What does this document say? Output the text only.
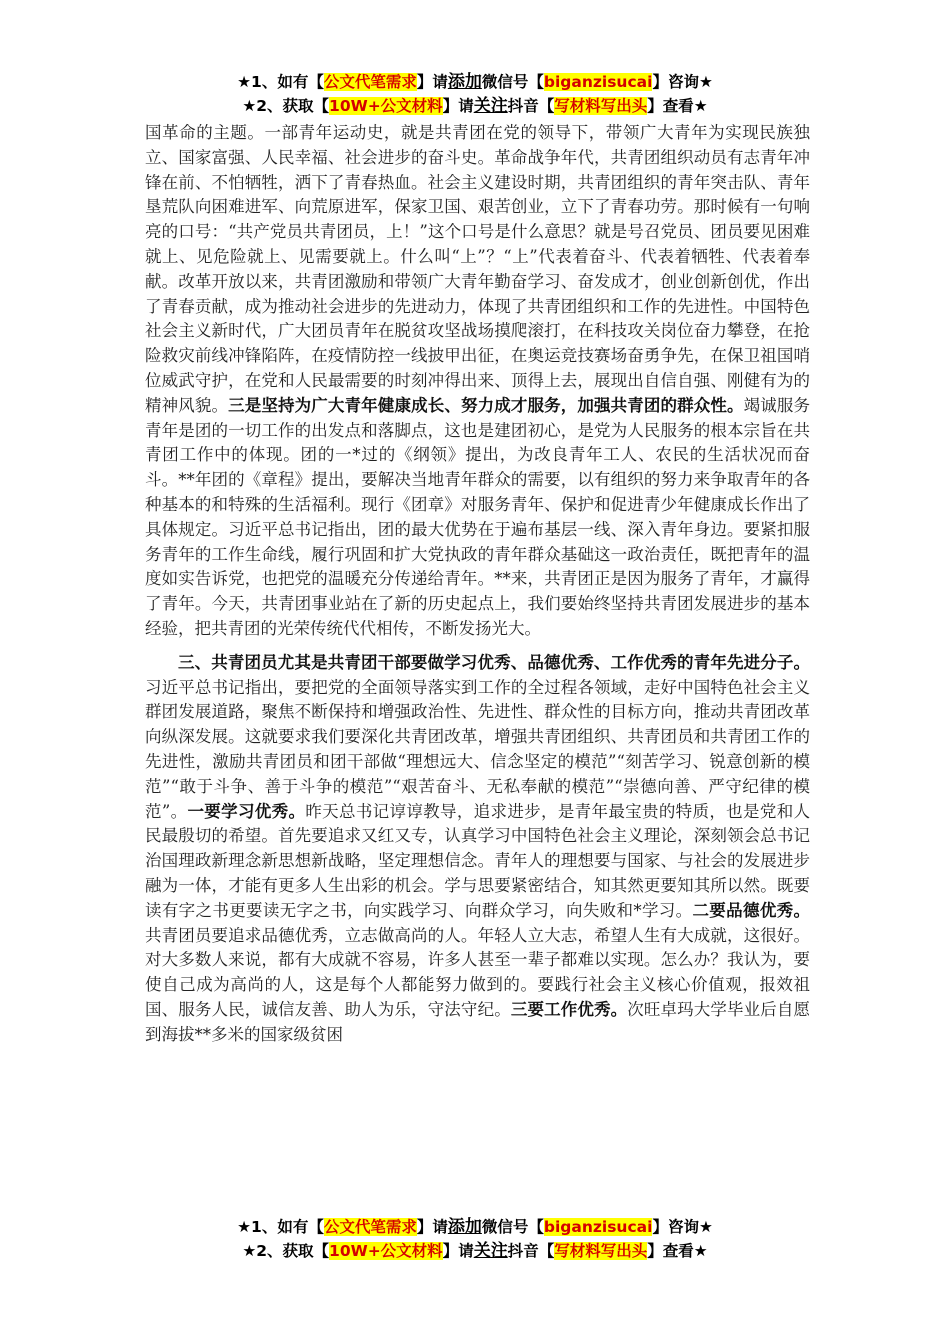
★1、如有【公文代笔需求】请添加微信号【biganzisucai】咨询★
★2、获取【10W+公文材料】请关注抖音【写材料写出头】查看★

国革命的主题。一部青年运动史，就是共青团在党的领导下，带领广大青年为实现民族独立、国家富强、人民幸福、社会进步的奋斗史。革命战争年代，共青团组织动员有志青年冲锋在前、不怕牺牲，洒下了青春热血。社会主义建设时期，共青团组织的青年突击队、青年垦荒队向困难进军、向荒原进军，保家卫国、艰苦创业，立下了青春功劳。那时候有一句响亮的口号：“共产党员共青团员，上！”这个口号是什么意思？就是号召党员、团员要见困难就上、见危险就上、见需要就上。什么叫“上”？“上”代表着奋斗、代表着牺牲、代表着奉献。改革开放以来，共青团激励和带领广大青年勤奋学习、奋发成才，创业创新创优，作出了青春贡献，成为推动社会进步的先进动力，体现了共青团组织和工作的先进性。中国特色社会主义新时代，广大团员青年在脱贫攻坚战场摸爬滚打，在科技攻关岗位奋力攀登，在抢险救灾前线冲锋陷阵，在疫情防控一线披甲出征，在奥运竞技赛场奋勇争先，在保卫祖国哨位威武守护，在党和人民最需要的时刻冲得出来、顶得上去，展现出自信自强、刚健有为的精神风貌。三是坚持为广大青年健康成长、努力成才服务，加强共青团的群众性。竭诚服务青年是团的一切工作的出发点和落脚点，这也是建团初心，是党为人民服务的根本宗旨在共青团工作中的体现。团的一*过的《纲领》提出，为改良青年工人、农民的生活状况而奋斗。**年团的《章程》提出，要解决当地青年群众的需要，以有组织的努力来争取青年的各种基本的和特殊的生活福利。现行《团章》对服务青年、保护和促进青少年健康成长作出了具体规定。习近平总书记指出，团的最大优势在于遍布基层一线、深入青年身边。要紧扣服务青年的工作生命线，履行巩固和扩大党执政的青年群众基础这一政治责任，既把青年的温度如实告诉党，也把党的温暖充分传递给青年。**来，共青团正是因为服务了青年，才赢得了青年。今天，共青团事业站在了新的历史起点上，我们要始终坚持共青团发展进步的基本经验，把共青团的光荣传统代代相传，不断发扬光大。

三、共青团员尤其是共青团干部要做学习优秀、品德优秀、工作优秀的青年先进分子。习近平总书记指出，要把党的全面领导落实到工作的全过程各领域，走好中国特色社会主义群团发展道路，聚焦不断保持和增强政治性、先进性、群众性的目标方向，推动共青团改革向纵深发展。这就要求我们要深化共青团改革，增强共青团组织、共青团员和共青团工作的先进性，激励共青团员和团干部做“理想远大、信念坚定的模范”“刻苦学习、锐意创新的模范”“敢于斗争、善于斗争的模范”“艰苦奋斗、无私奉献的模范”“崇德向善、严守纪律的模范”。一要学习优秀。昨天总书记谆谆教导，追求进步，是青年最宝贵的特质，也是党和人民最殷切的希望。首先要追求又红又专，认真学习中国特色社会主义理论，深刻领会总书记治国理政新理念新思想新战略，坚定理想信念。青年人的理想要与国家、与社会的发展进步融为一体，才能有更多人生出彩的机会。学与思要紧密结合，知其然更要知其所以然。既要读有字之书更要读无字之书，向实践学习、向群众学习，向失败和*学习。二要品德优秀。共青团员要追求品德优秀，立志做高尚的人。年轻人立大志，希望人生有大成就，这很好。对大多数人来说，都有大成就不容易，许多人甚至一辈子都难以实现。怎么办？我认为，要使自己成为高尚的人，这是每个人都能努力做到的。要践行社会主义核心价值观，报效祖国、服务人民，诚信友善、助人为乐，守法守纪。三要工作优秀。次旺卓玛大学毕业后自愿到海拔**多米的国家级贫困

★1、如有【公文代笔需求】请添加微信号【biganzisucai】咨询★
★2、获取【10W+公文材料】请关注抖音【写材料写出头】查看★
